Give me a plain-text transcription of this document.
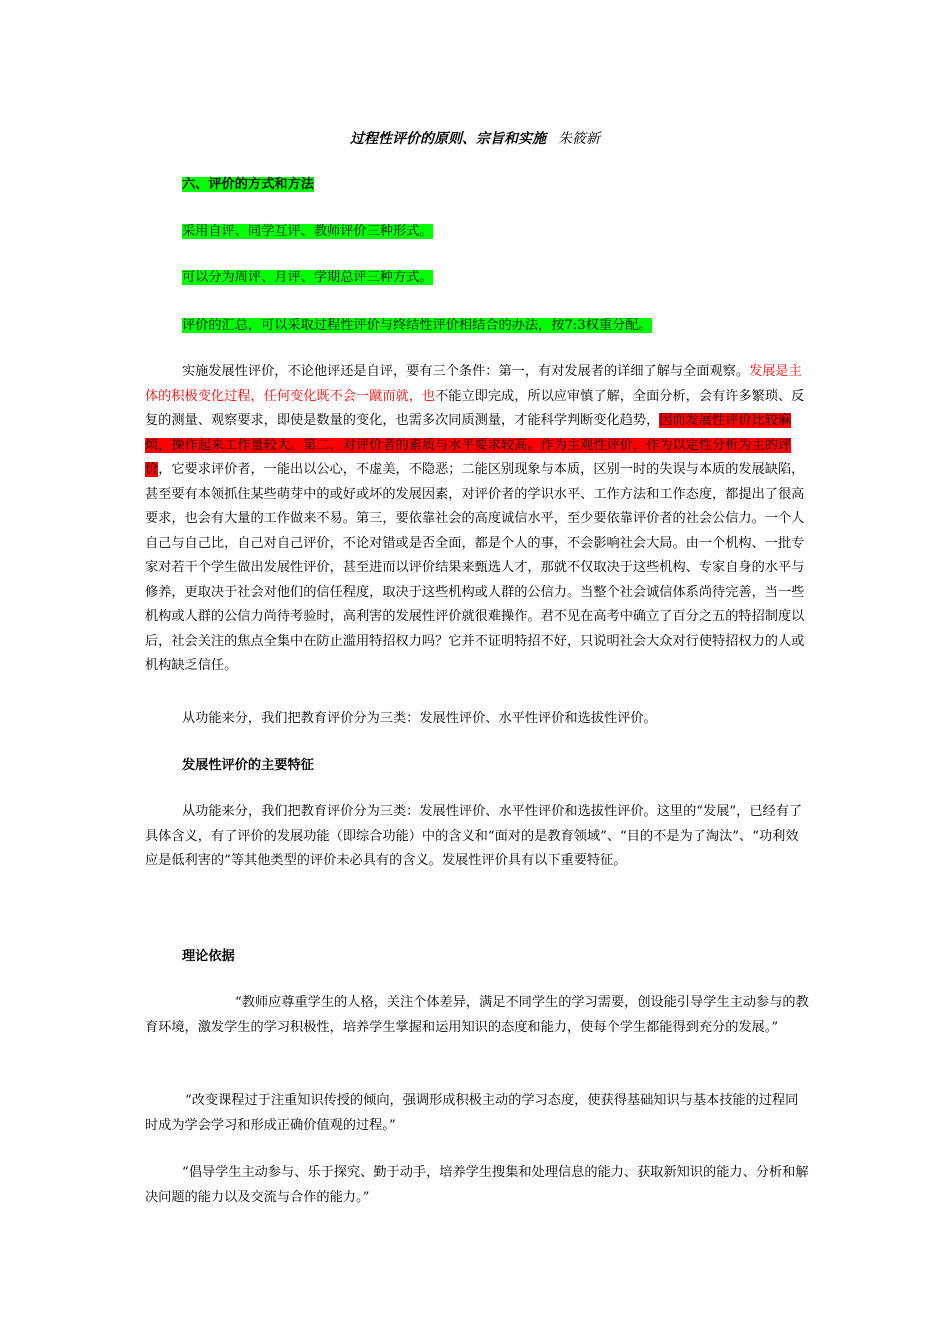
过程性评价的原则、宗旨和实施 朱筱新
六、评价的方式和方法
采用自评、同学互评、教师评价三种形式。
可以分为周评、月评、学期总评三种方式。
评价的汇总，可以采取过程性评价与终结性评价相结合的办法，按7:3权重分配。

实施发展性评价，不论他评还是自评，要有三个条件：第一，有对发展者的详细了解与全面观察。发展是主体的积极变化过程，任何变化既不会一蹴而就，也不能立即完成，所以应审慎了解，全面分析，会有许多繁琐、反复的测量、观察要求，即使是数量的变化，也需多次同质测量，才能科学判断变化趋势，因而发展性评价比较麻烦，操作起来工作量较大。第二，对评价者的素质与水平要求较高。作为主观性评价，作为以定性分析为主的评价，它要求评价者，一能出以公心，不虚美，不隐恶；二能区别现象与本质，区别一时的失误与本质的发展缺陷，甚至要有本领抓住某些萌芽中的或好或坏的发展因素，对评价者的学识水平、工作方法和工作态度，都提出了很高要求，也会有大量的工作做来不易。第三，要依靠社会的高度诚信水平，至少要依靠评价者的社会公信力。一个人自己与自己比，自己对自己评价，不论对错或是否全面，都是个人的事，不会影响社会大局。由一个机构、一批专家对若干个学生做出发展性评价，甚至进而以评价结果来甄选人才，那就不仅取决于这些机构、专家自身的水平与修养，更取决于社会对他们的信任程度，取决于这些机构或人群的公信力。当整个社会诚信体系尚待完善，当一些机构或人群的公信力尚待考验时，高利害的发展性评价就很难操作。君不见在高考中确立了百分之五的特招制度以后，社会关注的焦点全集中在防止滥用特招权力吗？它并不证明特招不好，只说明社会大众对行使特招权力的人或机构缺乏信任。

从功能来分，我们把教育评价分为三类：发展性评价、水平性评价和选拔性评价。

发展性评价的主要特征

从功能来分，我们把教育评价分为三类：发展性评价、水平性评价和选拔性评价。这里的“发展”，已经有了具体含义，有了评价的发展功能（即综合功能）中的含义和“面对的是教育领域”、“目的不是为了淘汰”、“功利效应是低利害的”等其他类型的评价未必具有的含义。发展性评价具有以下重要特征。

理论依据

“教师应尊重学生的人格，关注个体差异，满足不同学生的学习需要，创设能引导学生主动参与的教育环境，激发学生的学习积极性，培养学生掌握和运用知识的态度和能力，使每个学生都能得到充分的发展。”

“改变课程过于注重知识传授的倾向，强调形成积极主动的学习态度，使获得基础知识与基本技能的过程同时成为学会学习和形成正确价值观的过程。”

“倡导学生主动参与、乐于探究、勤于动手，培养学生搜集和处理信息的能力、获取新知识的能力、分析和解决问题的能力以及交流与合作的能力。”
